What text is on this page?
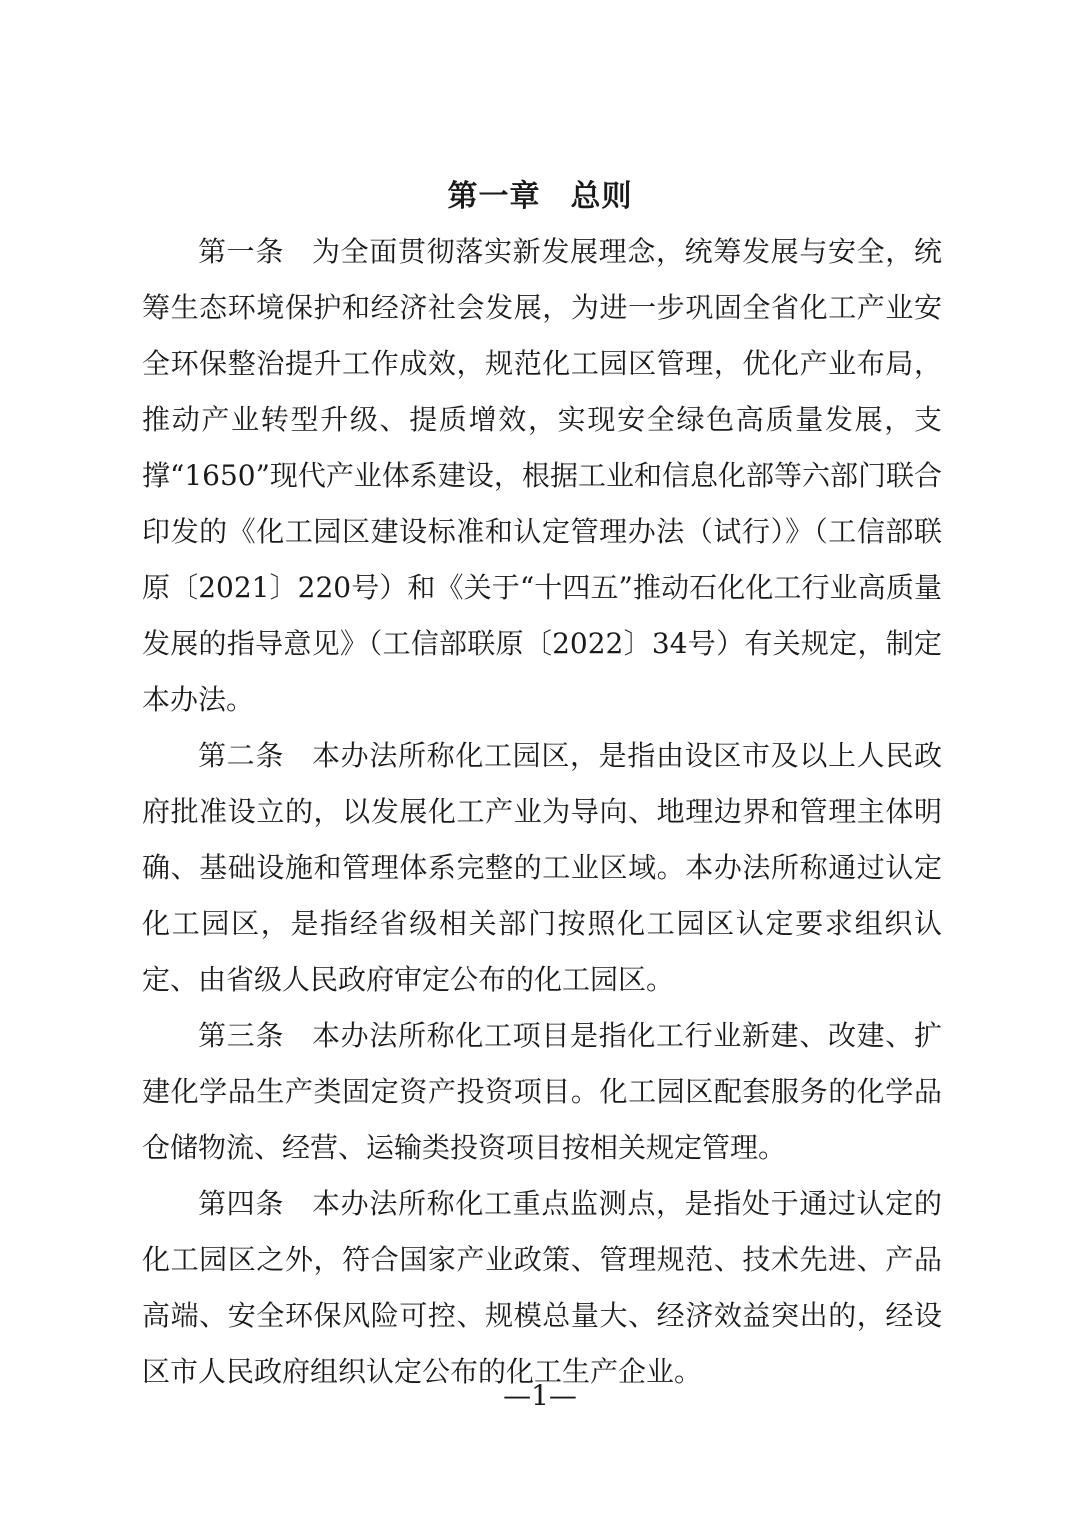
第一章 总则

第一条 为全面贯彻落实新发展理念，统筹发展与安全，统筹生态环境保护和经济社会发展，为进一步巩固全省化工产业安全环保整治提升工作成效，规范化工园区管理，优化产业布局，推动产业转型升级、提质增效，实现安全绿色高质量发展，支撑“1650”现代产业体系建设，根据工业和信息化部等六部门联合印发的《化工园区建设标准和认定管理办法（试行）》（工信部联原〔2021〕220号）和《关于“十四五”推动石化化工行业高质量发展的指导意见》（工信部联原〔2022〕34号）有关规定，制定本办法。

第二条 本办法所称化工园区，是指由设区市及以上人民政府批准设立的，以发展化工产业为导向、地理边界和管理主体明确、基础设施和管理体系完整的工业区域。本办法所称通过认定化工园区，是指经省级相关部门按照化工园区认定要求组织认定、由省级人民政府审定公布的化工园区。

第三条 本办法所称化工项目是指化工行业新建、改建、扩建化学品生产类固定资产投资项目。化工园区配套服务的化学品仓储物流、经营、运输类投资项目按相关规定管理。

第四条 本办法所称化工重点监测点，是指处于通过认定的化工园区之外，符合国家产业政策、管理规范、技术先进、产品高端、安全环保风险可控、规模总量大、经济效益突出的，经设区市人民政府组织认定公布的化工生产企业。

—1—
